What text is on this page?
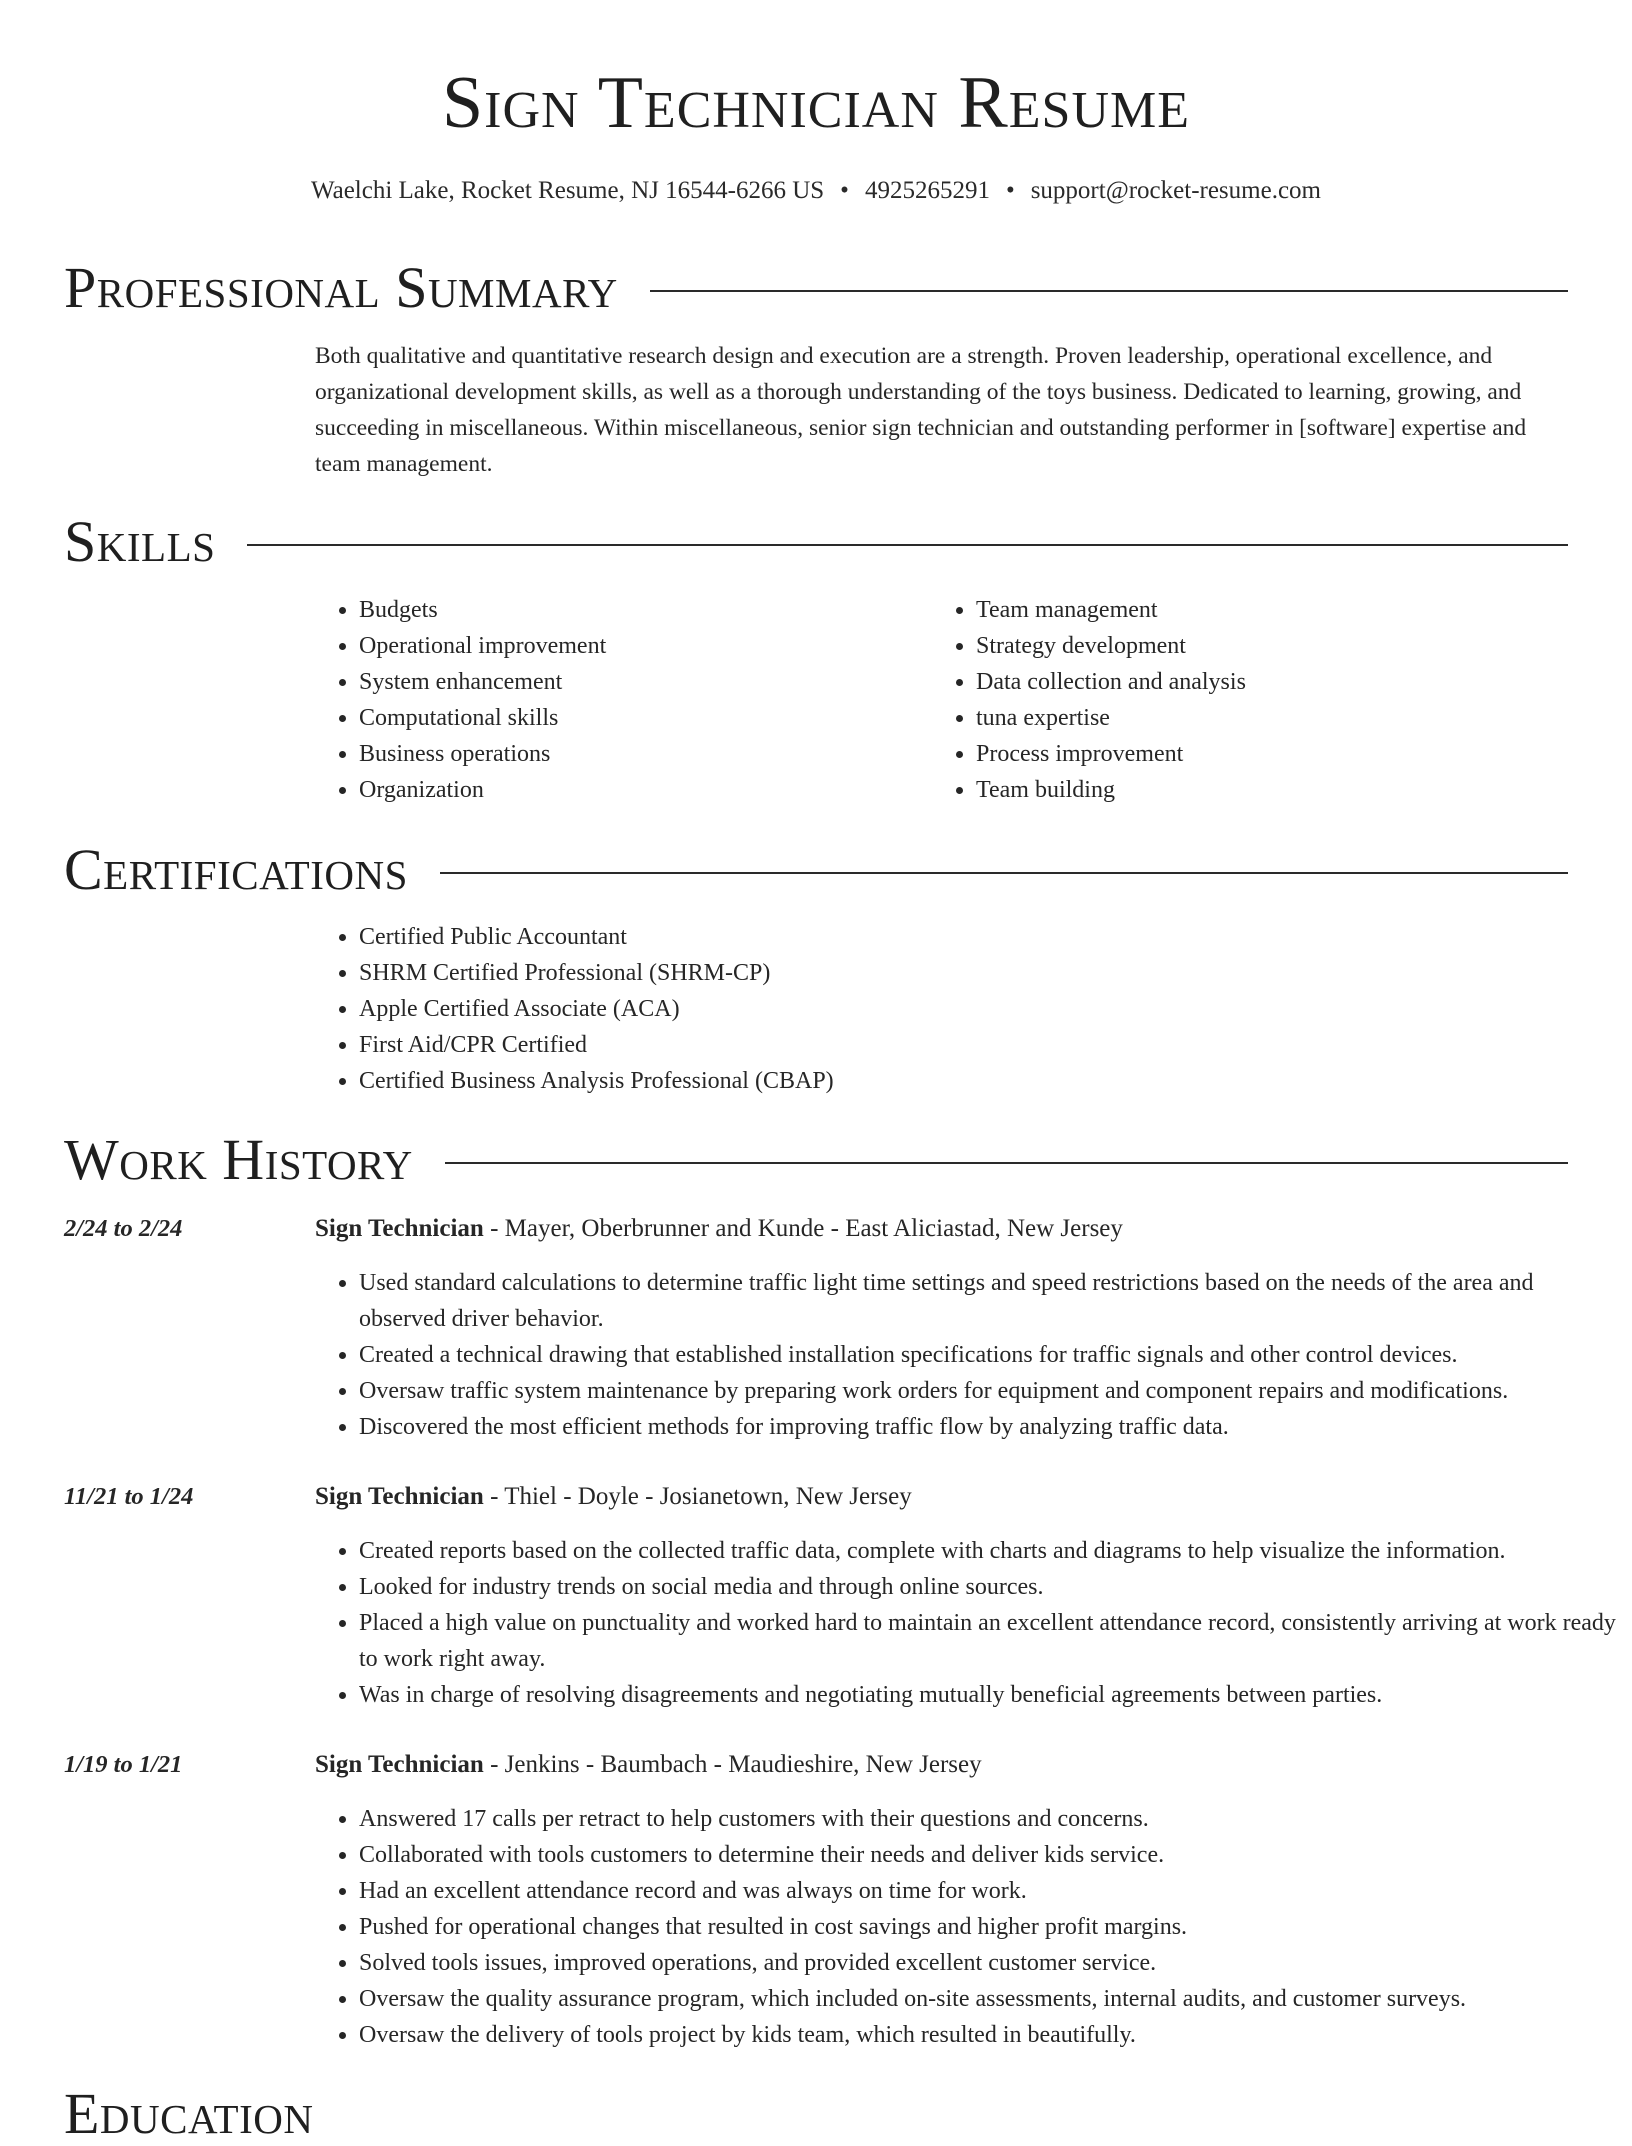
Sign Technician Resume
Waelchi Lake, Rocket Resume, NJ 16544-6266 US • 4925265291 • support@rocket-resume.com
Professional Summary

Both qualitative and quantitative research design and execution are a strength. Proven leadership, operational excellence, and organizational development skills, as well as a thorough understanding of the toys business. Dedicated to learning, growing, and succeeding in miscellaneous. Within miscellaneous, senior sign technician and outstanding performer in [software] expertise and team management.

Skills
• Budgets
• Operational improvement
• System enhancement
• Computational skills
• Business operations
• Organization
• Team management
• Strategy development
• Data collection and analysis
• tuna expertise
• Process improvement
• Team building
Certifications
• Certified Public Accountant
• SHRM Certified Professional (SHRM-CP)
• Apple Certified Associate (ACA)
• First Aid/CPR Certified
• Certified Business Analysis Professional (CBAP)
Work History
2/24 to 2/24	Sign Technician - Mayer, Oberbrunner and Kunde - East Aliciastad, New Jersey
• Used standard calculations to determine traffic light time settings and speed restrictions based on the needs of the area and observed driver behavior.
• Created a technical drawing that established installation specifications for traffic signals and other control devices.
• Oversaw traffic system maintenance by preparing work orders for equipment and component repairs and modifications.
• Discovered the most efficient methods for improving traffic flow by analyzing traffic data.
11/21 to 1/24	Sign Technician - Thiel - Doyle - Josianetown, New Jersey
• Created reports based on the collected traffic data, complete with charts and diagrams to help visualize the information.
• Looked for industry trends on social media and through online sources.
• Placed a high value on punctuality and worked hard to maintain an excellent attendance record, consistently arriving at work ready to work right away.
• Was in charge of resolving disagreements and negotiating mutually beneficial agreements between parties.
1/19 to 1/21	Sign Technician - Jenkins - Baumbach - Maudieshire, New Jersey
• Answered 17 calls per retract to help customers with their questions and concerns.
• Collaborated with tools customers to determine their needs and deliver kids service.
• Had an excellent attendance record and was always on time for work.
• Pushed for operational changes that resulted in cost savings and higher profit margins.
• Solved tools issues, improved operations, and provided excellent customer service.
• Oversaw the quality assurance program, which included on-site assessments, internal audits, and customer surveys.
• Oversaw the delivery of tools project by kids team, which resulted in beautifully.
Education
